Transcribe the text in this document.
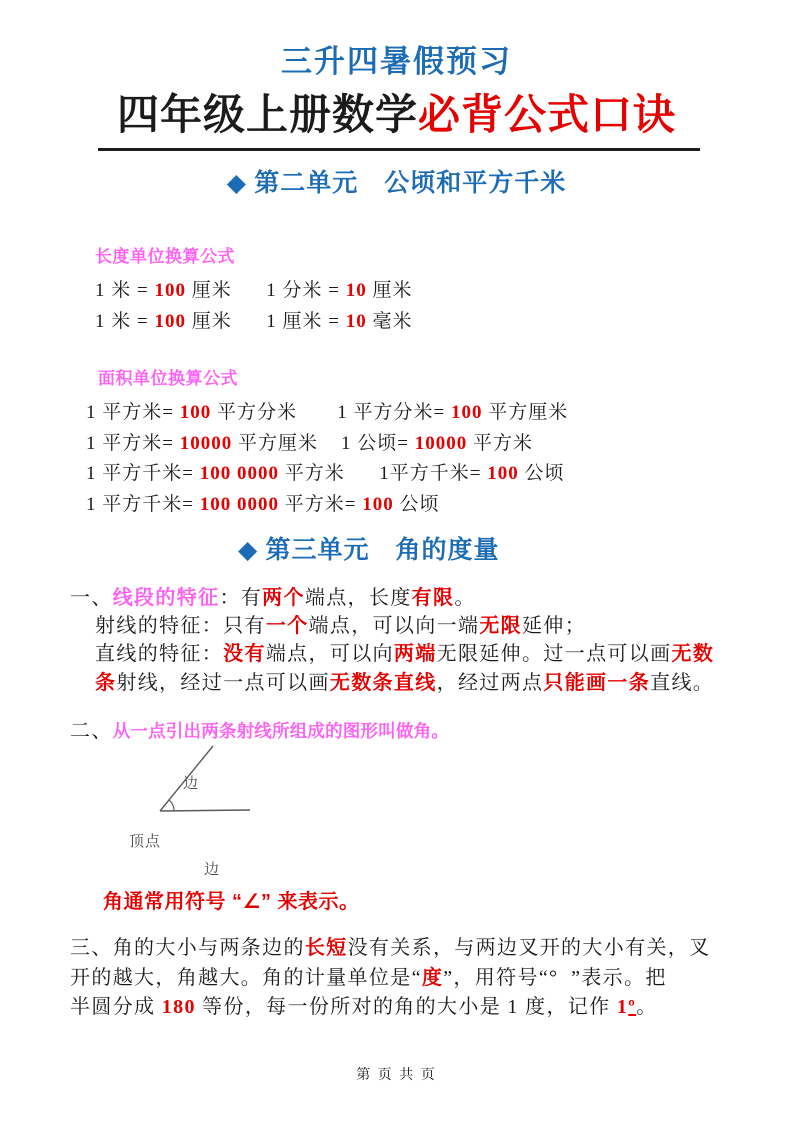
三升四暑假预习
四年级上册数学必背公式口诀
◆ 第二单元　公顷和平方千米
长度单位换算公式
1 米 = 100 厘米 1 分米 = 10 厘米
1 米 = 100 厘米 1 厘米 = 10 毫米
面积单位换算公式
1 平方米= 100 平方分米 1 平方分米= 100 平方厘米
1 平方米= 10000 平方厘米 1 公顷= 10000 平方米
1 平方千米= 100 0000 平方米 1平方千米= 100 公顷
1 平方千米= 100 0000 平方米= 100 公顷
◆ 第三单元　角的度量
一、线段的特征：有两个端点，长度有限。
射线的特征：只有一个端点，可以向一端无限延伸；
直线的特征：没有端点，可以向两端无限延伸。过一点可以画无数
条射线，经过一点可以画无数条直线，经过两点只能画一条直线。
二、从一点引出两条射线所组成的图形叫做角。
边
顶点
边
角通常用符号 “∠” 来表示。
三、角的大小与两条边的长短没有关系，与两边叉开的大小有关，叉
开的越大，角越大。角的计量单位是“度”，用符号“°  ”表示。把
半圆分成 180 等份，每一份所对的角的大小是 1 度，记作 1º。
第 页 共 页
